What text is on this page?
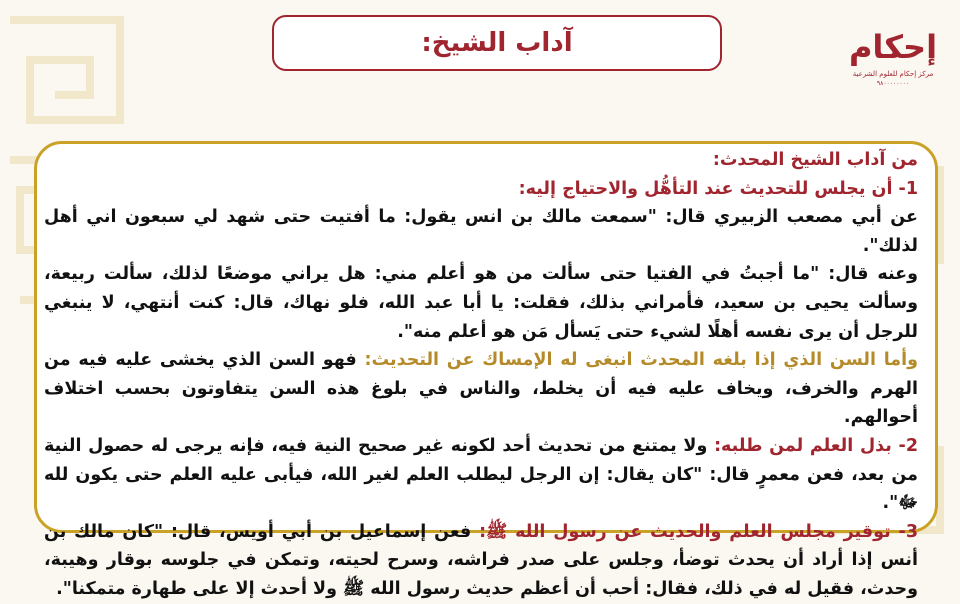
آداب الشيخ:	إحكام
مركز إحكام للعلوم الشرعية
٩٨٠٠٠٠٠٠٠٠

من آداب الشيخ المحدث:

1- أن يجلس للتحديث عند التأهُّل والاحتياج إليه:

عن أبي مصعب الزبيري قال: "سمعت مالك بن انس يقول: ما أفتيت حتى شهد لي سبعون اني أهل لذلك".

وعنه قال: "ما أجبتُ في الفتيا حتى سألت من هو أعلم مني: هل يراني موضعًا لذلك، سألت ربيعة، وسألت يحيى بن سعيد، فأمراني بذلك، فقلت: يا أبا عبد الله، فلو نهاك، قال: كنت أنتهي، لا ينبغي للرجل أن يرى نفسه أهلًا لشيء حتى يَسأل مَن هو أعلم منه".

وأما السن الذي إذا بلغه المحدث انبغى له الإمساك عن التحديث: فهو السن الذي يخشى عليه فيه من الهرم والخرف، ويخاف عليه فيه أن يخلط، والناس في بلوغ هذه السن يتفاوتون بحسب اختلاف أحوالهم.

2- بذل العلم لمن طلبه: ولا يمتنع من تحديث أحد لكونه غير صحيح النية فيه، فإنه يرجى له حصول النية من بعد، فعن معمرٍ قال: "كان يقال: إن الرجل ليطلب العلم لغير الله، فيأبى عليه العلم حتى يكون لله ﷻ".

3- توقير مجلس العلم والحديث عن رسول الله ﷺ: فعن إسماعيل بن أبي أويس، قال: "كان مالك بن أنس إذا أراد أن يحدث توضأ، وجلس على صدر فراشه، وسرح لحيته، وتمكن في جلوسه بوقار وهيبة، وحدث، فقيل له في ذلك، فقال: أحب أن أعظم حديث رسول الله ﷺ ولا أحدث إلا على طهارة متمكنا".
